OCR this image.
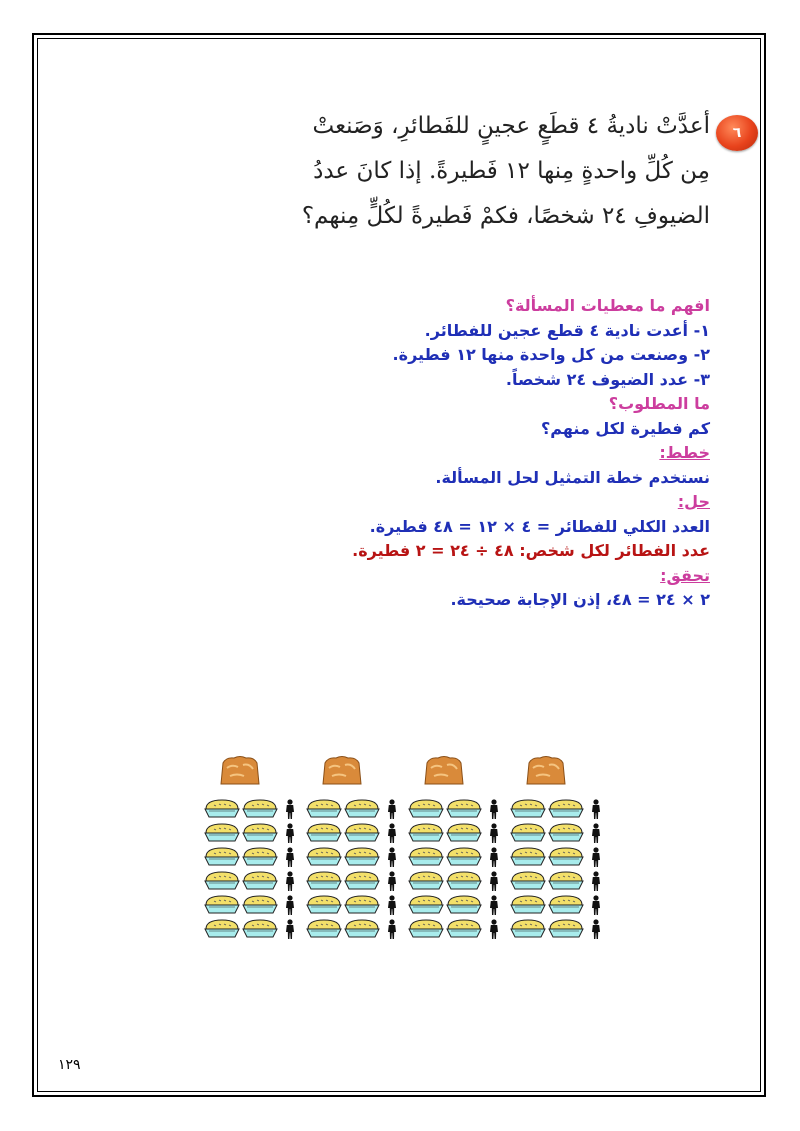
٦
أعدَّتْ ناديةُ ٤ قطَعٍ عجينٍ للفَطائرِ، وَصَنعتْ
مِن كُلِّ واحدةٍ مِنها ١٢ فَطيرةً. إذا كانَ عددُ
الضيوفِ ٢٤ شخصًا، فكمْ فَطيرةً لكُلٍّ مِنهم؟
افهم ما معطيات المسألة؟
١- أعدت نادية ٤ قطع عجين للفطائر.
٢- وصنعت من كل واحدة منها ١٢ فطيرة.
٣- عدد الضيوف ٢٤ شخصاً.
ما المطلوب؟
كم فطيرة لكل منهم؟
خطط:
نستخدم خطة التمثيل لحل المسألة.
حل:
العدد الكلي للفطائر = ٤ × ١٢ = ٤٨ فطيرة.
عدد الفطائر لكل شخص: ٤٨ ÷ ٢٤ = ٢ فطيرة.
تحقق:
٢ × ٢٤ = ٤٨، إذن الإجابة صحيحة.
١٢٩
